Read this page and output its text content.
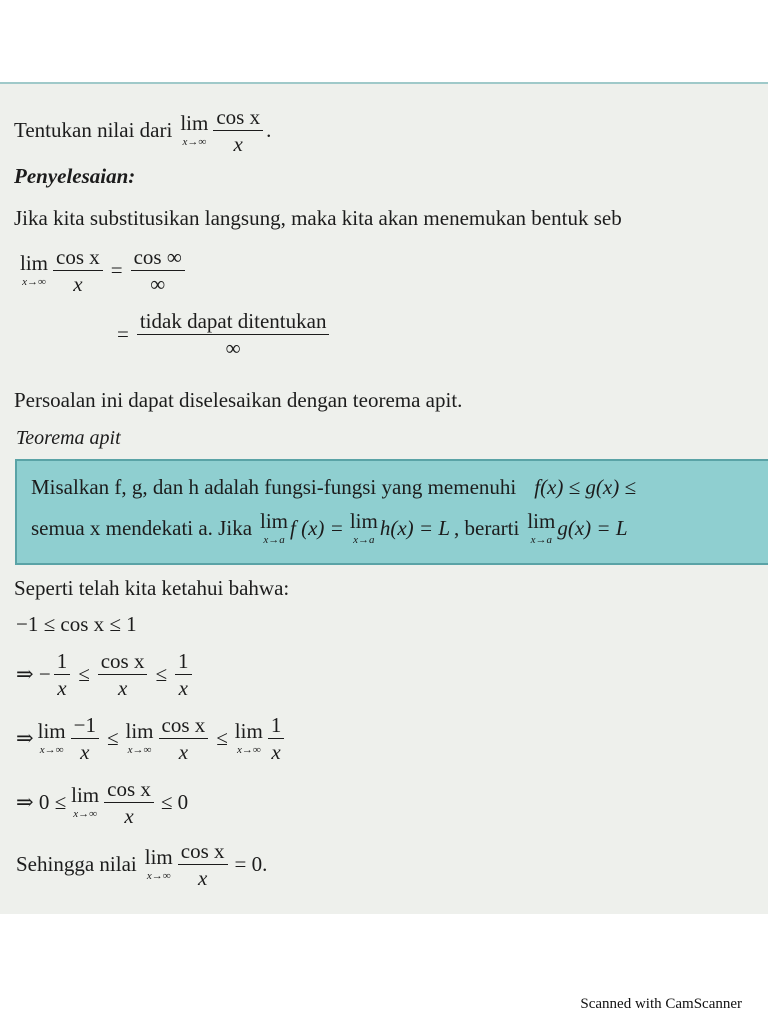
Tentukan nilai dari lim
$x\to\infty \frac{\text{cos x}}{x}$ .
Penyelesaian:
Jika kita substitusikan langsung, maka kita akan menemukan bentuk seb
lim
$x\to\infty \frac{\text{cos x}}{x} = \frac{\cos \infty}{\infty}$
= $\frac{\text{tidak dapat ditentukan}}{\infty}$
Persoalan ini dapat diselesaikan dengan teorema apit.
Teorema apit
Misalkan f, g, dan h adalah fungsi-fungsi yang memenuhi f(x) ≤ g(x) ≤
semua x mendekati a. Jika lim
x→a f (x) = lim
x→a h(x) = L , berarti lim
x→a g(x) = L
Seperti telah kita ketahui bahwa:
−1 ≤ cos x ≤ 1
⇒ − $\frac{1}{x} \le \frac{\text{cos x}}{x} \le \frac{1}{x}$
⇒ lim
$x\to\infty \frac{-1}{x} \le \lim$
$x\to\infty \frac{\text{cos x}}{x} \le \lim$
$x\to\infty \frac{1}{x}$
⇒ 0 ≤ lim
$x\to\infty \frac{\text{cos x}}{x} \le 0$
Sehingga nilai lim
$x\to\infty \frac{\text{cos x}}{x} = 0$.
Scanned with CamScanner
